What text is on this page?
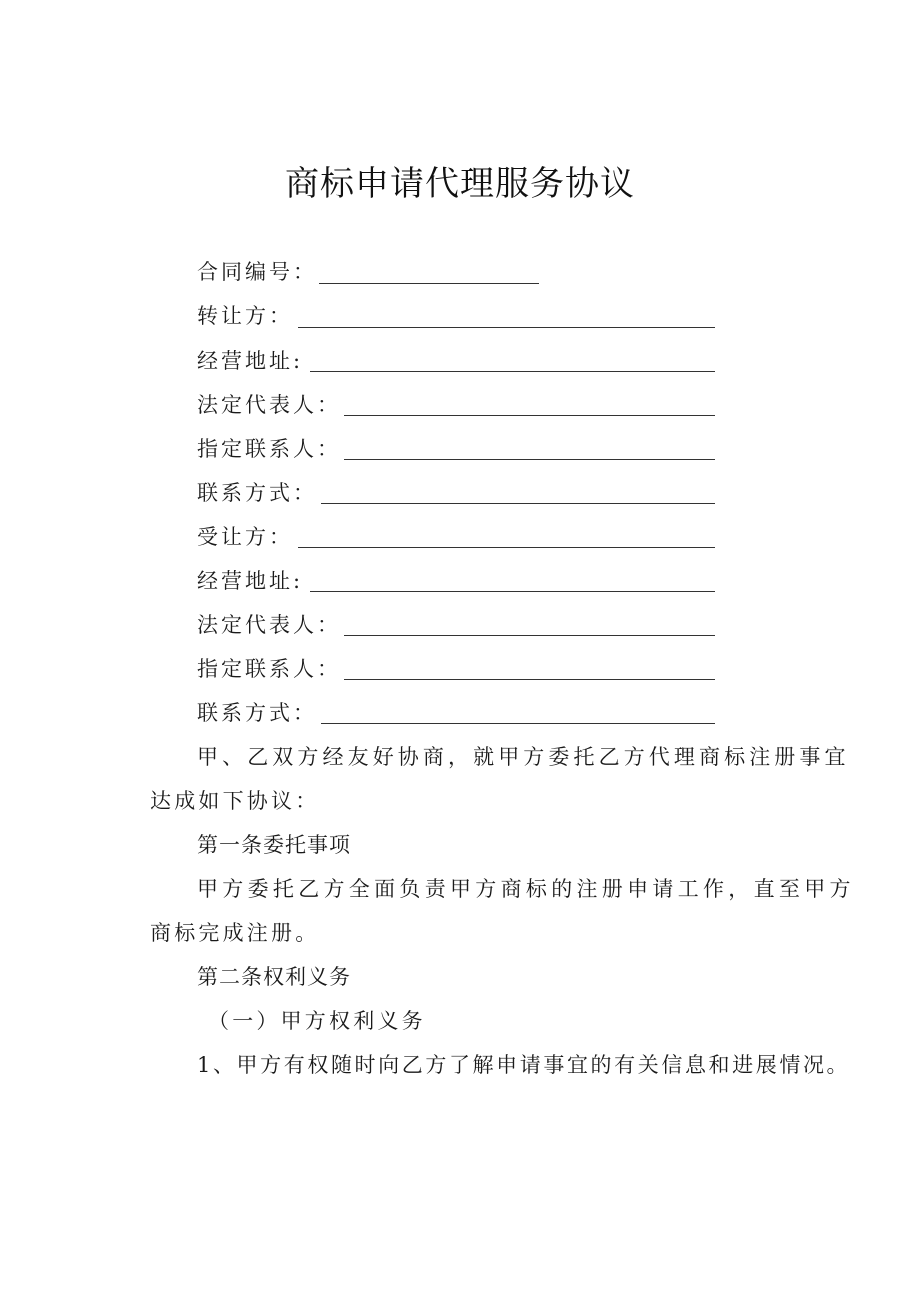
商标申请代理服务协议
合同编号：
转让方：
经营地址:
法定代表人：
指定联系人：
联系方式：
受让方：
经营地址:
法定代表人：
指定联系人：
联系方式：
甲、乙双方经友好协商，就甲方委托乙方代理商标注册事宜
达成如下协议：
第一条委托事项
甲方委托乙方全面负责甲方商标的注册申请工作，直至甲方
商标完成注册。
第二条权利义务
（一）甲方权利义务
1、甲方有权随时向乙方了解申请事宜的有关信息和进展情况。
